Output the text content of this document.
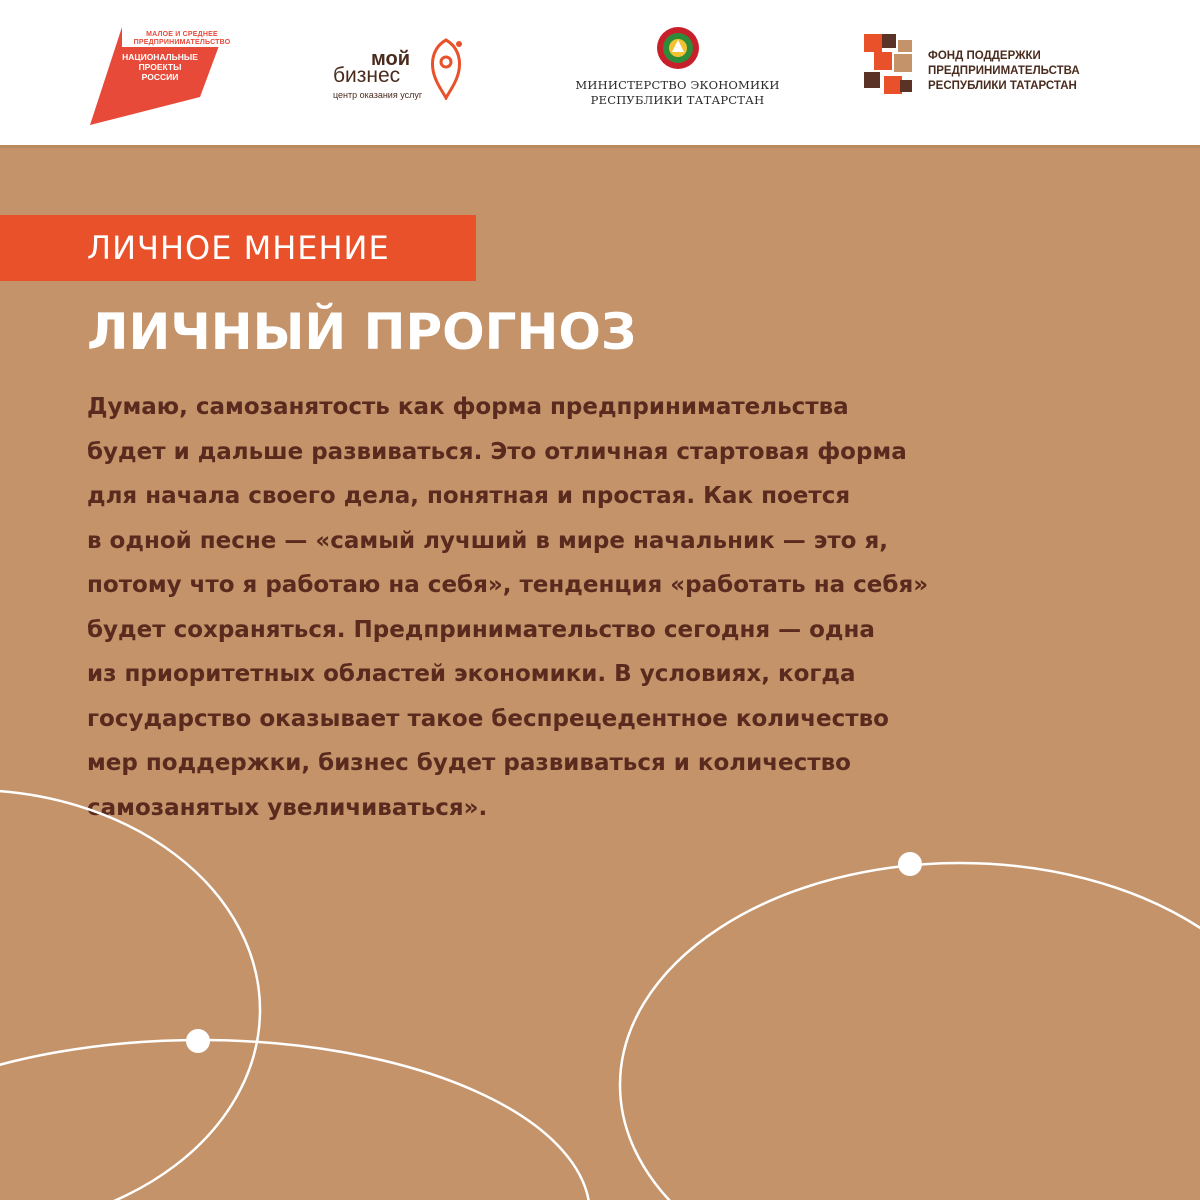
МАЛОЕ И СРЕДНЕЕ ПРЕДПРИНИМАТЕЛЬСТВО
НАЦИОНАЛЬНЫЕ ПРОЕКТЫ РОССИИ
мой
бизнес
центр оказания услуг
МИНИСТЕРСТВО ЭКОНОМИКИ
РЕСПУБЛИКИ ТАТАРСТАН
ФОНД ПОДДЕРЖКИ
ПРЕДПРИНИМАТЕЛЬСТВА
РЕСПУБЛИКИ ТАТАРСТАН
ЛИЧНОЕ МНЕНИЕ
ЛИЧНЫЙ ПРОГНОЗ
Думаю, самозанятость как форма предпринимательства
будет и дальше развиваться. Это отличная стартовая форма
для начала своего дела, понятная и простая. Как поется
в одной песне — «самый лучший в мире начальник — это я,
потому что я работаю на себя», тенденция «работать на себя»
будет сохраняться. Предпринимательство сегодня — одна
из приоритетных областей экономики. В условиях, когда
государство оказывает такое беспрецедентное количество
мер поддержки, бизнес будет развиваться и количество
самозанятых увеличиваться».
